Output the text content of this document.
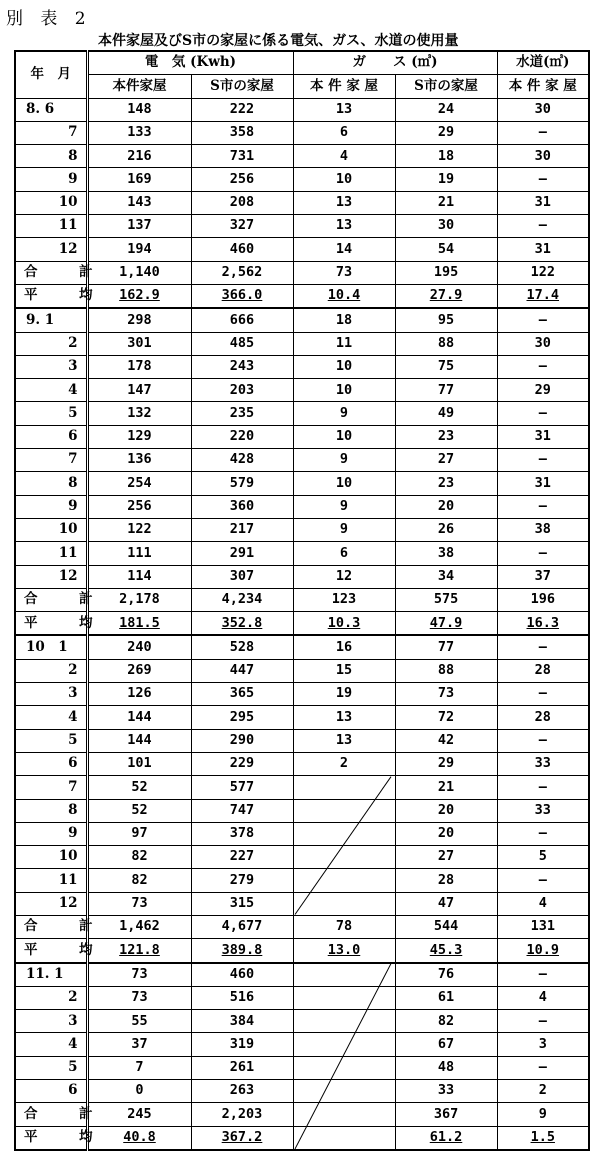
別 表 2
本件家屋及びS市の家屋に係る電気、ガス、水道の使用量
年　月	電　気 (Kwh)		ガ　　ス (㎥)		水道(㎥)
	本件家屋	S市の家屋	本 件 家 屋	S市の家屋	本 件 家 屋
8. 6	148	222	13	24	30
7	133	358	6	29	—
8	216	731	4	18	30
9	169	256	10	19	—
10	143	208	13	21	31
11	137	327	13	30	—
12	194	460	14	54	31
合　計	1,140	2,562	73	195	122
平　均	162.9	366.0	10.4	27.9	17.4
9. 1	298	666	18	95	—
2	301	485	11	88	30
3	178	243	10	75	—
4	147	203	10	77	29
5	132	235	9	49	—
6	129	220	10	23	31
7	136	428	9	27	—
8	254	579	10	23	31
9	256	360	9	20	—
10	122	217	9	26	38
11	111	291	6	38	—
12	114	307	12	34	37
合　計	2,178	4,234	123	575	196
平　均	181.5	352.8	10.3	47.9	16.3
10　1	240	528	16	77	—
2	269	447	15	88	28
3	126	365	19	73	—
4	144	295	13	72	28
5	144	290	13	42	—
6	101	229	2	29	33
7	52	577		21	—
8	52	747		20	33
9	97	378		20	—
10	82	227		27	5
11	82	279		28	—
12	73	315		47	4
合　計	1,462	4,677	78	544	131
平　均	121.8	389.8	13.0	45.3	10.9
11. 1	73	460		76	—
2	73	516		61	4
3	55	384		82	—
4	37	319		67	3
5	7	261		48	—
6	0	263		33	2
合　計	245	2,203		367	9
平　均	40.8	367.2		61.2	1.5
